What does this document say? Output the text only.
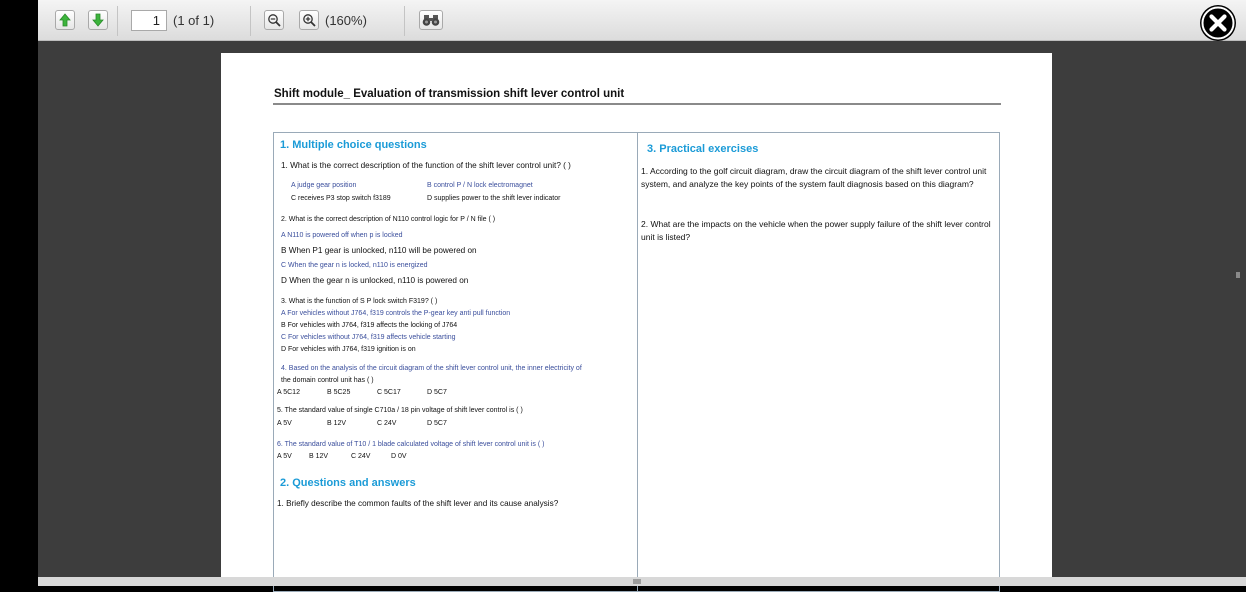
1	(1 of 1)	(160%)
Shift module_ Evaluation of transmission shift lever control unit
1. Multiple choice questions
1. What is the correct description of the function of the shift lever control unit? ( )
A judge gear position	B control P / N lock electromagnet
C receives P3 stop switch f3189	D supplies power to the shift lever indicator
2. What is the correct description of N110 control logic for P / N file ( )
A N110 is powered off when p is locked
B When P1 gear is unlocked, n110 will be powered on
C When the gear n is locked, n110 is energized
D When the gear n is unlocked, n110 is powered on
3. What is the function of S P lock switch F319? ( )
A For vehicles without J764, f319 controls the P-gear key anti pull function
B For vehicles with J764, f319 affects the locking of J764
C For vehicles without J764, f319 affects vehicle starting
D For vehicles with J764, f319 ignition is on
4. Based on the analysis of the circuit diagram of the shift lever control unit, the inner electricity of
the domain control unit has ( )
A 5C12	B 5C25	C 5C17	D 5C7
5. The standard value of single C710a / 18 pin voltage of shift lever control is ( )
A 5V	B 12V	C 24V	D 5C7
6. The standard value of T10 / 1 blade calculated voltage of shift lever control unit is ( )
A 5V B 12V	C 24V	D 0V
2. Questions and answers
1. Briefly describe the common faults of the shift lever and its cause analysis?
3. Practical exercises
1. According to the golf circuit diagram, draw the circuit diagram of the shift lever control unit system, and analyze the key points of the system fault diagnosis based on this diagram?
2. What are the impacts on the vehicle when the power supply failure of the shift lever control unit is listed?
